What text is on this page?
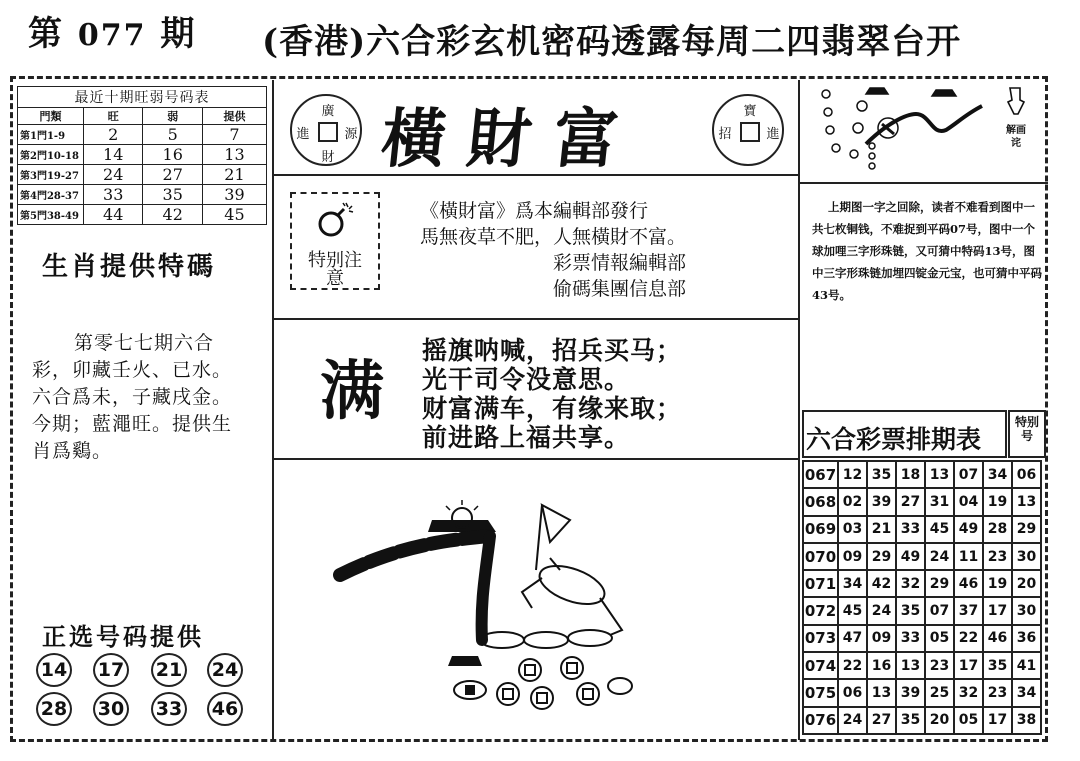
第 077 期 (香港)六合彩玄机密码透露每周二四翡翠台开
最近十期旺弱号码表			
門類	旺	弱	提供
第1門1-9	2	5	7
第2門10-18	14	16	13
第3門19-27	24	27	21
第4門28-37	33	35	39
第5門38-49	44	42	45
生肖提供特碼
第零七七期六合彩，卯藏壬火、已水。六合爲未，子藏戌金。今期；藍澠旺。提供生肖爲鷄。
正选号码提供
14 17 21 24
28 30 33 46
廣
進	源
財 橫財富	寶
招	進
特别注意
《橫財富》爲本編輯部發行
馬無夜草不肥，人無橫財不富。
彩票情報編輯部
偷碼集團信息部
满
摇旗呐喊，招兵买马；
光干司令没意思。
财富满车，有缘来取；
前进路上福共享。
解画诧
上期图一字之回除，读者不难看到图中一共七枚铜钱，不难捉到平码07号，图中一个球加哩三字形珠链，又可猜中特码13号，图中三字形珠链加埋四锭金元宝，也可猜中平码43号。
六合彩票排期表
特别号
067	12	35	18	13	07	34	06
068	02	39	27	31	04	19	13
069	03	21	33	45	49	28	29
070	09	29	49	24	11	23	30
071	34	42	32	29	46	19	20
072	45	24	35	07	37	17	30
073	47	09	33	05	22	46	36
074	22	16	13	23	17	35	41
075	06	13	39	25	32	23	34
076	24	27	35	20	05	17	38
